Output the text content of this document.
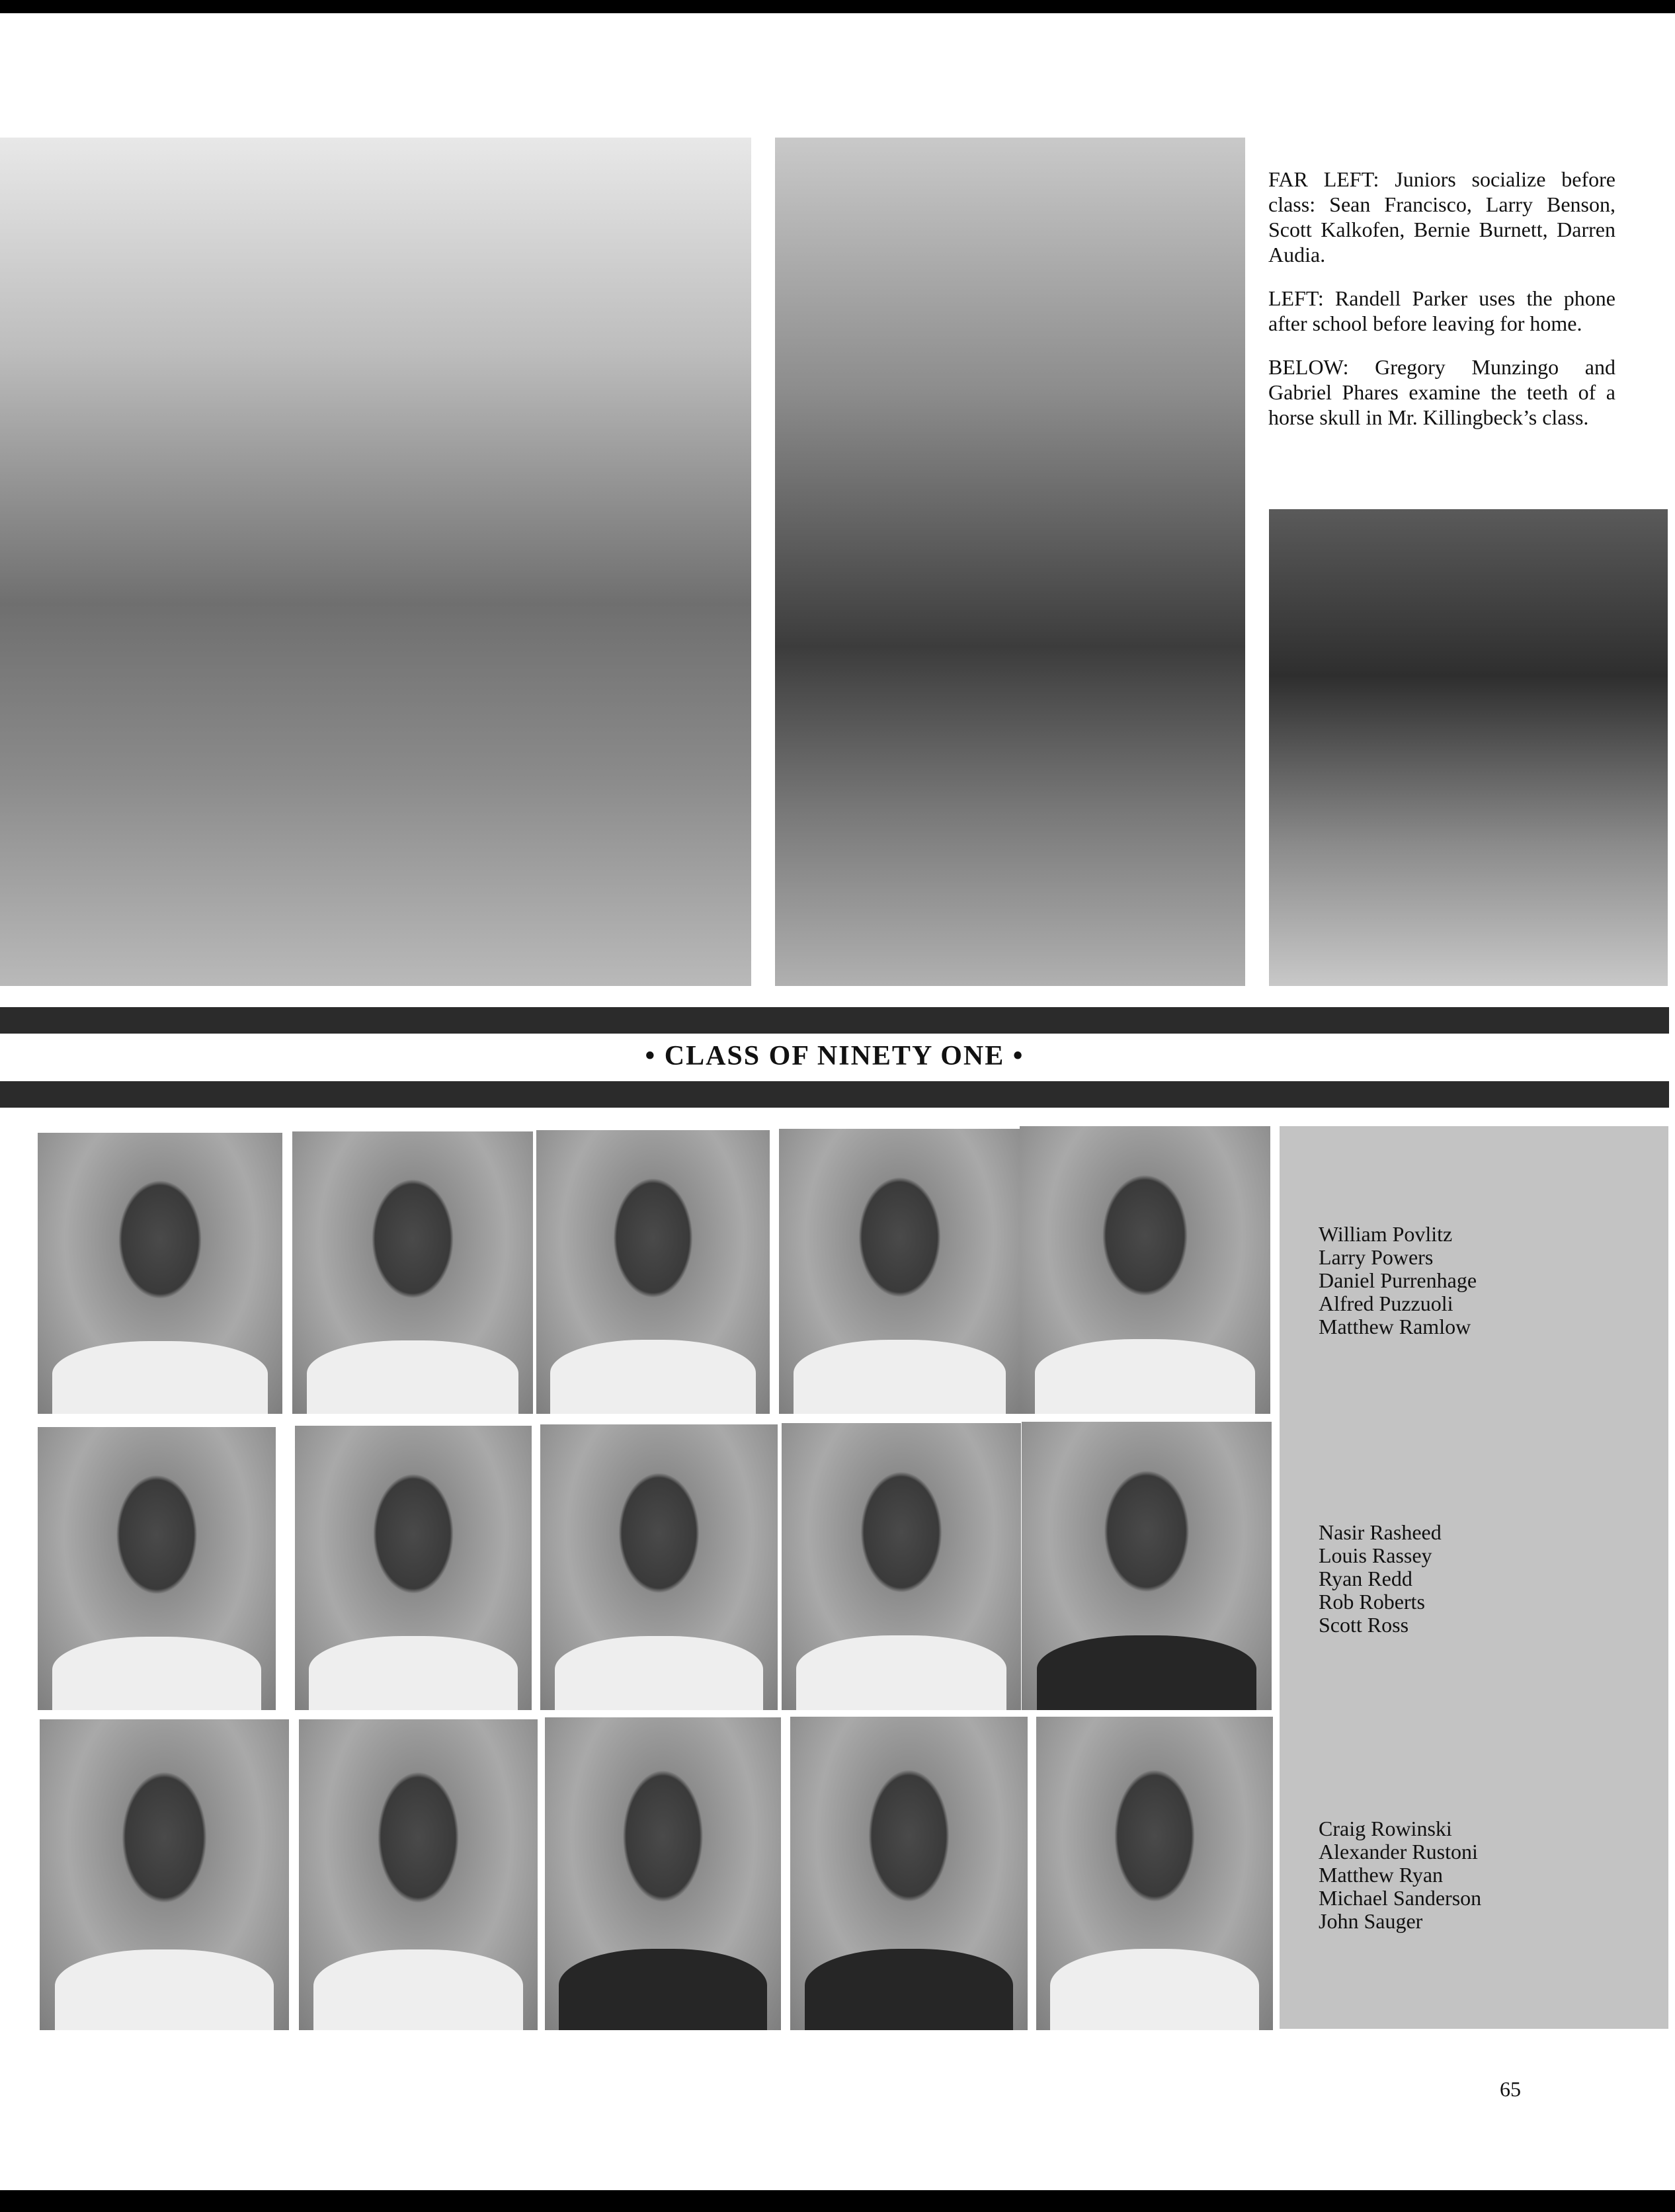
FAR LEFT: Juniors socialize before class: Sean Francisco, Larry Benson, Scott Kalkofen, Bernie Burnett, Darren Audia.

LEFT: Randell Parker uses the phone after school before leaving for home.

BELOW: Gregory Munzingo and Gabriel Phares examine the teeth of a horse skull in Mr. Killingbeck’s class.

• CLASS OF NINETY ONE •
William Povlitz
Larry Powers
Daniel Purrenhage
Alfred Puzzuoli
Matthew Ramlow
Nasir Rasheed
Louis Rassey
Ryan Redd
Rob Roberts
Scott Ross
Craig Rowinski
Alexander Rustoni
Matthew Ryan
Michael Sanderson
John Sauger
65
